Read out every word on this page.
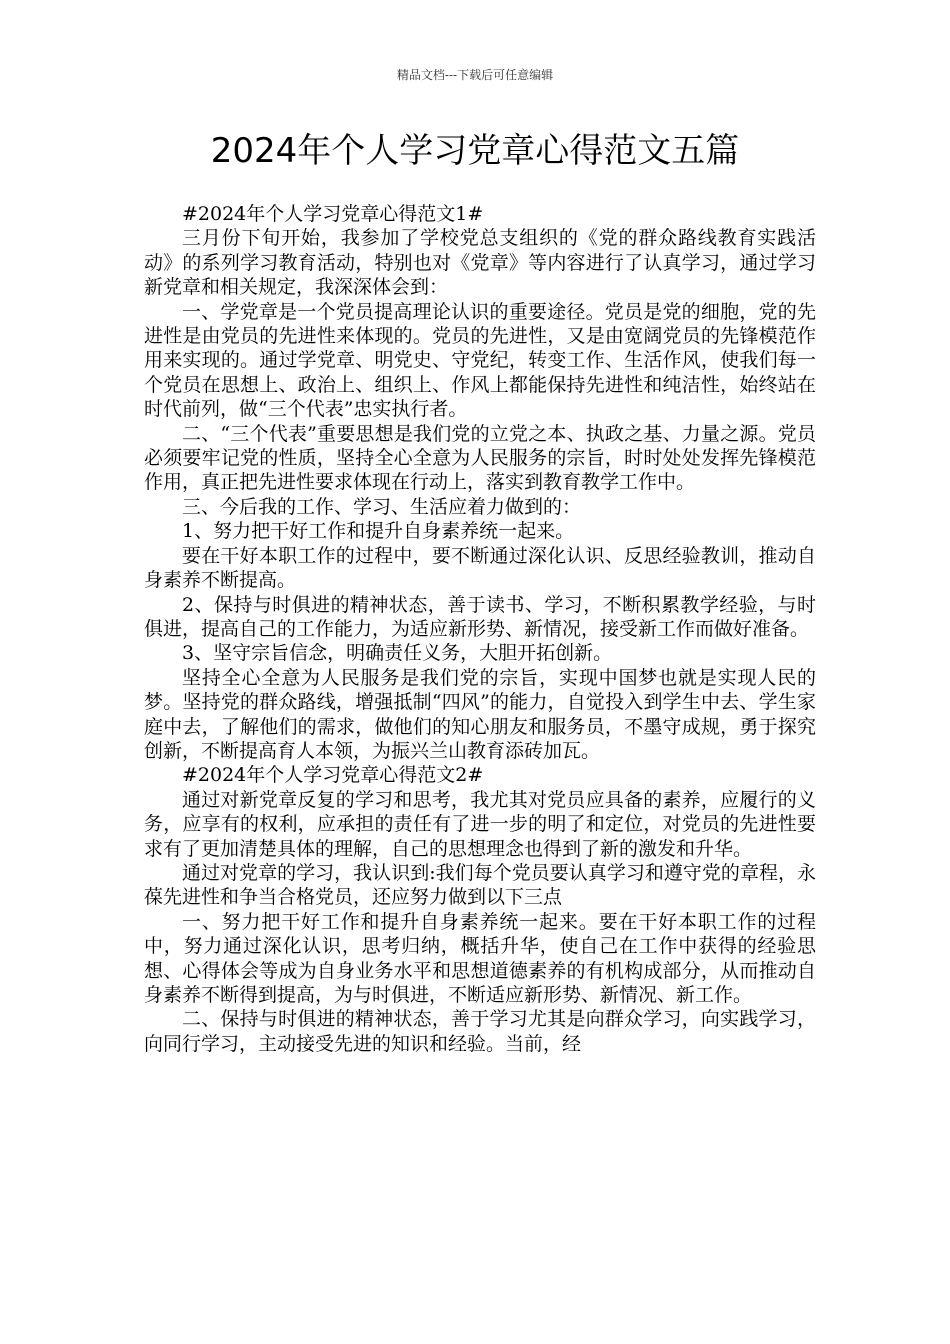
精品文档---下载后可任意编辑
2024年个人学习党章心得范文五篇

#2024年个人学习党章心得范文1#

三月份下旬开始，我参加了学校党总支组织的《党的群众路线教育实践活动》的系列学习教育活动，特别也对《党章》等内容进行了认真学习，通过学习新党章和相关规定，我深深体会到：

一、学党章是一个党员提高理论认识的重要途径。党员是党的细胞，党的先进性是由党员的先进性来体现的。党员的先进性，又是由宽阔党员的先锋模范作用来实现的。通过学党章、明党史、守党纪，转变工作、生活作风，使我们每一个党员在思想上、政治上、组织上、作风上都能保持先进性和纯洁性，始终站在时代前列，做“三个代表”忠实执行者。

二、“三个代表”重要思想是我们党的立党之本、执政之基、力量之源。党员必须要牢记党的性质，坚持全心全意为人民服务的宗旨，时时处处发挥先锋模范作用，真正把先进性要求体现在行动上，落实到教育教学工作中。

三、今后我的工作、学习、生活应着力做到的：

1、努力把干好工作和提升自身素养统一起来。

要在干好本职工作的过程中，要不断通过深化认识、反思经验教训，推动自身素养不断提高。

2、保持与时俱进的精神状态，善于读书、学习，不断积累教学经验，与时俱进，提高自己的工作能力，为适应新形势、新情况，接受新工作而做好准备。

3、坚守宗旨信念，明确责任义务，大胆开拓创新。

坚持全心全意为人民服务是我们党的宗旨，实现中国梦也就是实现人民的梦。坚持党的群众路线，增强抵制“四风”的能力，自觉投入到学生中去、学生家庭中去，了解他们的需求，做他们的知心朋友和服务员，不墨守成规，勇于探究创新，不断提高育人本领，为振兴兰山教育添砖加瓦。

#2024年个人学习党章心得范文2#

通过对新党章反复的学习和思考，我尤其对党员应具备的素养，应履行的义务，应享有的权利，应承担的责任有了进一步的明了和定位，对党员的先进性要求有了更加清楚具体的理解，自己的思想理念也得到了新的激发和升华。

通过对党章的学习，我认识到:我们每个党员要认真学习和遵守党的章程，永葆先进性和争当合格党员，还应努力做到以下三点

一、努力把干好工作和提升自身素养统一起来。要在干好本职工作的过程中，努力通过深化认识，思考归纳，概括升华，使自己在工作中获得的经验思想、心得体会等成为自身业务水平和思想道德素养的有机构成部分，从而推动自身素养不断得到提高，为与时俱进，不断适应新形势、新情况、新工作。

二、保持与时俱进的精神状态，善于学习尤其是向群众学习，向实践学习，向同行学习，主动接受先进的知识和经验。当前，经
